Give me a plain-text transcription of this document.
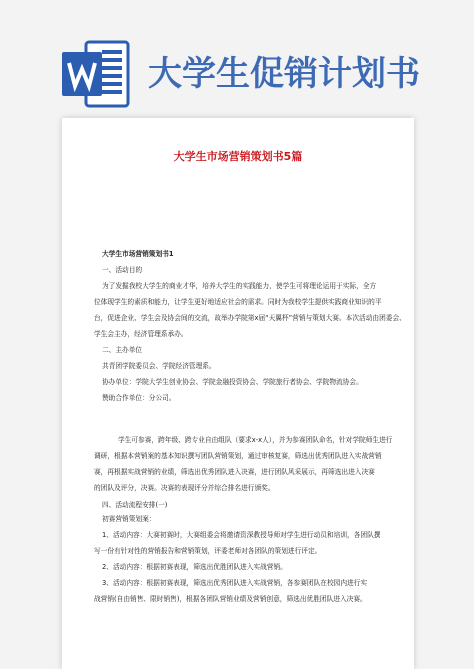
大学生促销计划书
大学生市场营销策划书5篇
大学生市场营销策划书1
一、活动目的
为了发掘我校大学生的商业才华，培养大学生的实践能力，使学生可将理论运用于实际，全方
位体现学生的素质和能力，让学生更好地适应社会的需求。同时为我校学生提供实践商业知识的平
台，促进企业、学生会及协会间的交流，故举办学院第x届“天翼杯”营销与策划大赛。本次活动由团委会、
学生会主办，经济管理系承办。
二、主办单位
共青团学院委员会、学院经济管理系。
协办单位：学院大学生创业协会、学院金融投资协会、学院旅行者协会、学院物流协会。
赞助合作单位：分公司。
学生可参赛，跨年级、跨专业自由组队（要求x-x人），并为参赛团队命名，针对学院师生进行
调研，根据本营销案的基本知识撰写团队营销策划，通过审核复赛，筛选出优秀团队进入实战营销
赛，再根据实战营销的业绩，筛选出优秀团队进入决赛，进行团队风采展示，再筛选出进入决赛
的团队及评分，决赛。决赛的表现评分并综合排名进行颁奖。
四、活动流程安排(一)
初赛营销策划案：
1、活动内容：大赛初赛时，大赛组委会将邀请资深教授导师对学生进行动员和培训，各团队撰
写一份有针对性的营销报告和营销策划，评委老师对各团队的策划进行评定。
2、活动内容：根据初赛表现，筛选出优胜团队进入实战营销。
3、活动内容：根据初赛表现，筛选出优秀团队进入实战营销，各参赛团队在校园内进行实
战营销(自由销售、限时销售)，根据各团队营销业绩及营销创意，筛选出优胜团队进入决赛。
